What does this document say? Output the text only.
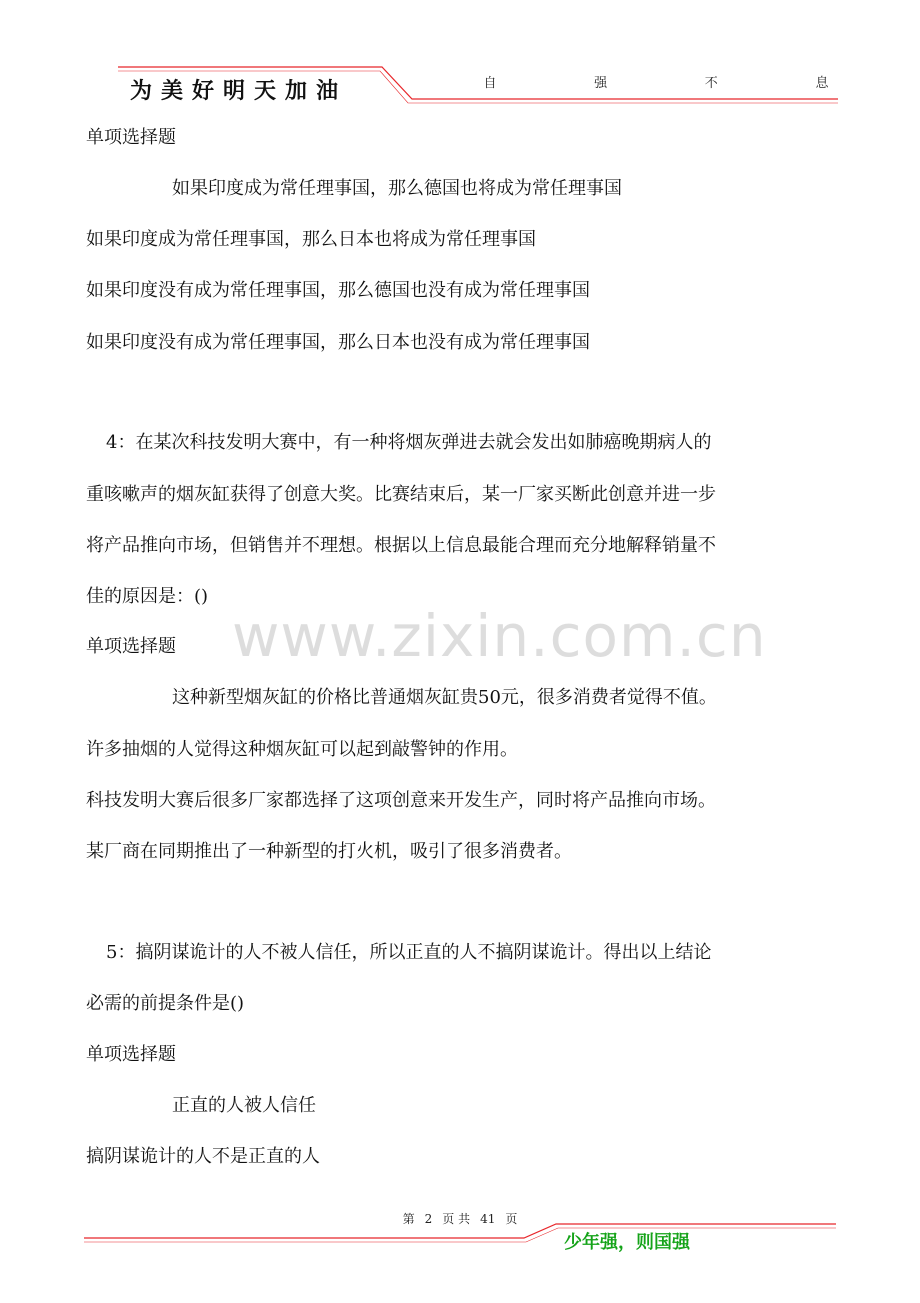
为美好明天加油	自	强	不	息
单项选择题
如果印度成为常任理事国，那么德国也将成为常任理事国
如果印度成为常任理事国，那么日本也将成为常任理事国
如果印度没有成为常任理事国，那么德国也没有成为常任理事国
如果印度没有成为常任理事国，那么日本也没有成为常任理事国
4：在某次科技发明大赛中，有一种将烟灰弹进去就会发出如肺癌晚期病人的
重咳嗽声的烟灰缸获得了创意大奖。比赛结束后，某一厂家买断此创意并进一步
将产品推向市场，但销售并不理想。根据以上信息最能合理而充分地解释销量不
佳的原因是：()
单项选择题
这种新型烟灰缸的价格比普通烟灰缸贵50元，很多消费者觉得不值。
许多抽烟的人觉得这种烟灰缸可以起到敲警钟的作用。
科技发明大赛后很多厂家都选择了这项创意来开发生产，同时将产品推向市场。
某厂商在同期推出了一种新型的打火机，吸引了很多消费者。
5：搞阴谋诡计的人不被人信任，所以正直的人不搞阴谋诡计。得出以上结论
必需的前提条件是()
单项选择题
正直的人被人信任
搞阴谋诡计的人不是正直的人
www.zixin.com.cn
第 2 页 共 41 页
少年强，则国强
